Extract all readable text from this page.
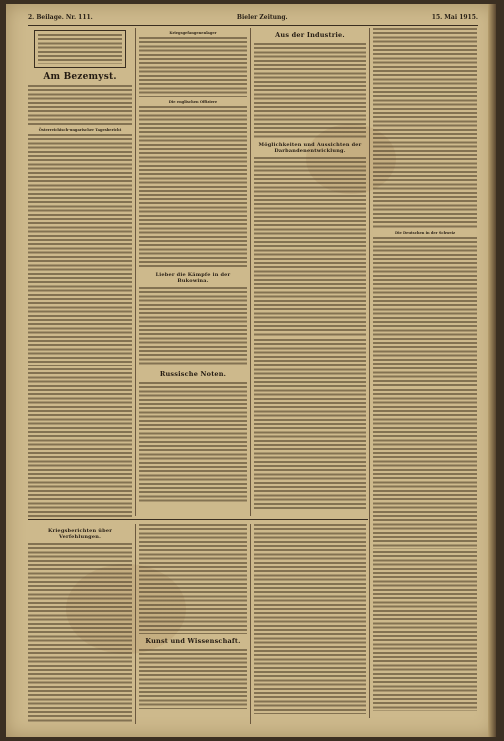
2. Beilage. Nr. 111.	Bieler Zeitung.	15. Mai 1915.
Am Bezemyst.

Österreichisch-ungarischer Tagesbericht

Kriegsgefangenenlager

Die englischen Offiziere

Lieber die Kämpfe in der Bukowina.

Russische Noten.

Aus der Industrie.

Möglichkeiten und Aussichten der Darbandenentwicklung.

Die Deutschen in der Schweiz

Kriegsberichten über Verfehlungen.

Kunst und Wissenschaft.
